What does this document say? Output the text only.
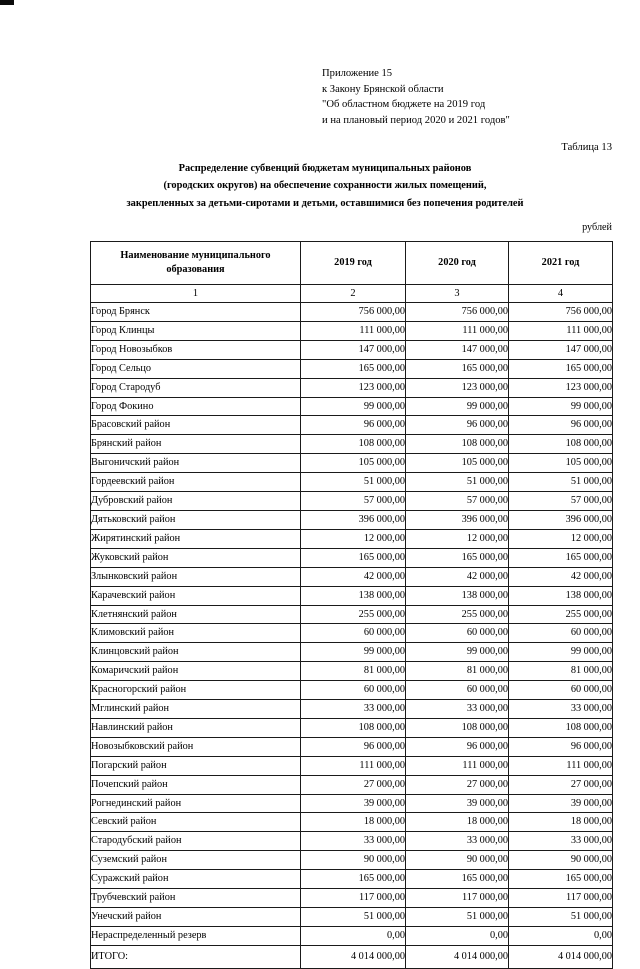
Приложение 15
к Закону Брянской области
"Об областном бюджете на 2019 год
и на плановый период 2020 и 2021 годов"
Таблица 13
Распределение субвенций бюджетам муниципальных районов
(городских округов) на обеспечение сохранности жилых помещений,
закрепленных за детьми-сиротами и детьми, оставшимися без попечения родителей
рублей
Наименование муниципального образования	2019 год	2020 год	2021 год
1	2	3	4
Город Брянск	756 000,00	756 000,00	756 000,00
Город Клинцы	111 000,00	111 000,00	111 000,00
Город Новозыбков	147 000,00	147 000,00	147 000,00
Город Сельцо	165 000,00	165 000,00	165 000,00
Город Стародуб	123 000,00	123 000,00	123 000,00
Город Фокино	99 000,00	99 000,00	99 000,00
Брасовский район	96 000,00	96 000,00	96 000,00
Брянский район	108 000,00	108 000,00	108 000,00
Выгоничский район	105 000,00	105 000,00	105 000,00
Гордеевский район	51 000,00	51 000,00	51 000,00
Дубровский район	57 000,00	57 000,00	57 000,00
Дятьковский район	396 000,00	396 000,00	396 000,00
Жирятинский район	12 000,00	12 000,00	12 000,00
Жуковский район	165 000,00	165 000,00	165 000,00
Злынковский район	42 000,00	42 000,00	42 000,00
Карачевский район	138 000,00	138 000,00	138 000,00
Клетнянский район	255 000,00	255 000,00	255 000,00
Климовский район	60 000,00	60 000,00	60 000,00
Клинцовский район	99 000,00	99 000,00	99 000,00
Комаричский район	81 000,00	81 000,00	81 000,00
Красногорский район	60 000,00	60 000,00	60 000,00
Мглинский район	33 000,00	33 000,00	33 000,00
Навлинский район	108 000,00	108 000,00	108 000,00
Новозыбковский район	96 000,00	96 000,00	96 000,00
Погарский район	111 000,00	111 000,00	111 000,00
Почепский район	27 000,00	27 000,00	27 000,00
Рогнединский район	39 000,00	39 000,00	39 000,00
Севский район	18 000,00	18 000,00	18 000,00
Стародубский район	33 000,00	33 000,00	33 000,00
Суземский район	90 000,00	90 000,00	90 000,00
Суражский район	165 000,00	165 000,00	165 000,00
Трубчевский район	117 000,00	117 000,00	117 000,00
Унечский район	51 000,00	51 000,00	51 000,00
Нераспределенный резерв	0,00	0,00	0,00
ИТОГО:	4 014 000,00	4 014 000,00	4 014 000,00
